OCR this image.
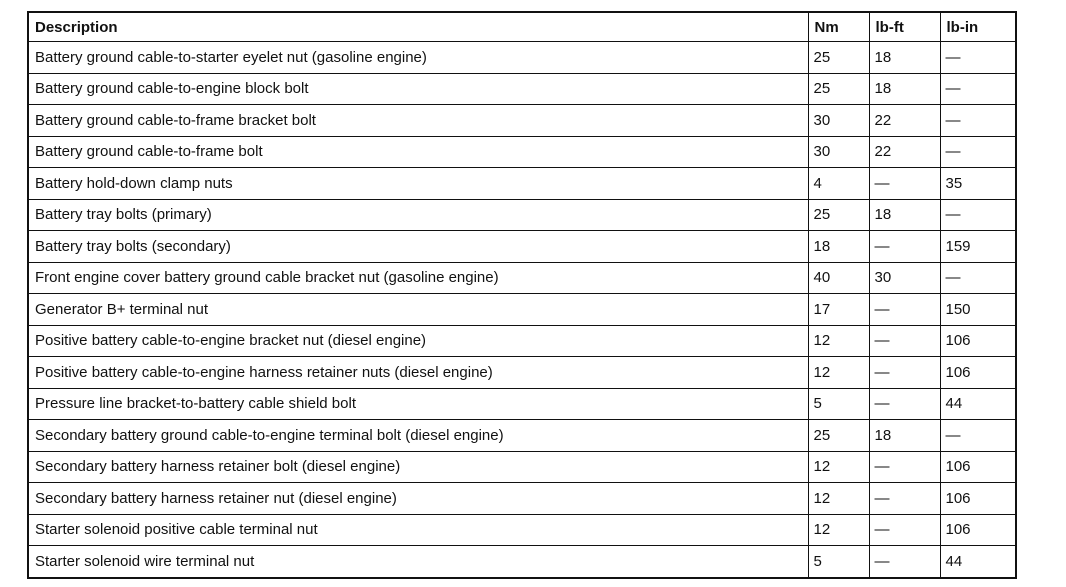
Description	Nm	lb-ft	lb-in
Battery ground cable-to-starter eyelet nut (gasoline engine)	25	18	—
Battery ground cable-to-engine block bolt	25	18	—
Battery ground cable-to-frame bracket bolt	30	22	—
Battery ground cable-to-frame bolt	30	22	—
Battery hold-down clamp nuts	4	—	35
Battery tray bolts (primary)	25	18	—
Battery tray bolts (secondary)	18	—	159
Front engine cover battery ground cable bracket nut (gasoline engine)	40	30	—
Generator B+ terminal nut	17	—	150
Positive battery cable-to-engine bracket nut (diesel engine)	12	—	106
Positive battery cable-to-engine harness retainer nuts (diesel engine)	12	—	106
Pressure line bracket-to-battery cable shield bolt	5	—	44
Secondary battery ground cable-to-engine terminal bolt (diesel engine)	25	18	—
Secondary battery harness retainer bolt (diesel engine)	12	—	106
Secondary battery harness retainer nut (diesel engine)	12	—	106
Starter solenoid positive cable terminal nut	12	—	106
Starter solenoid wire terminal nut	5	—	44
